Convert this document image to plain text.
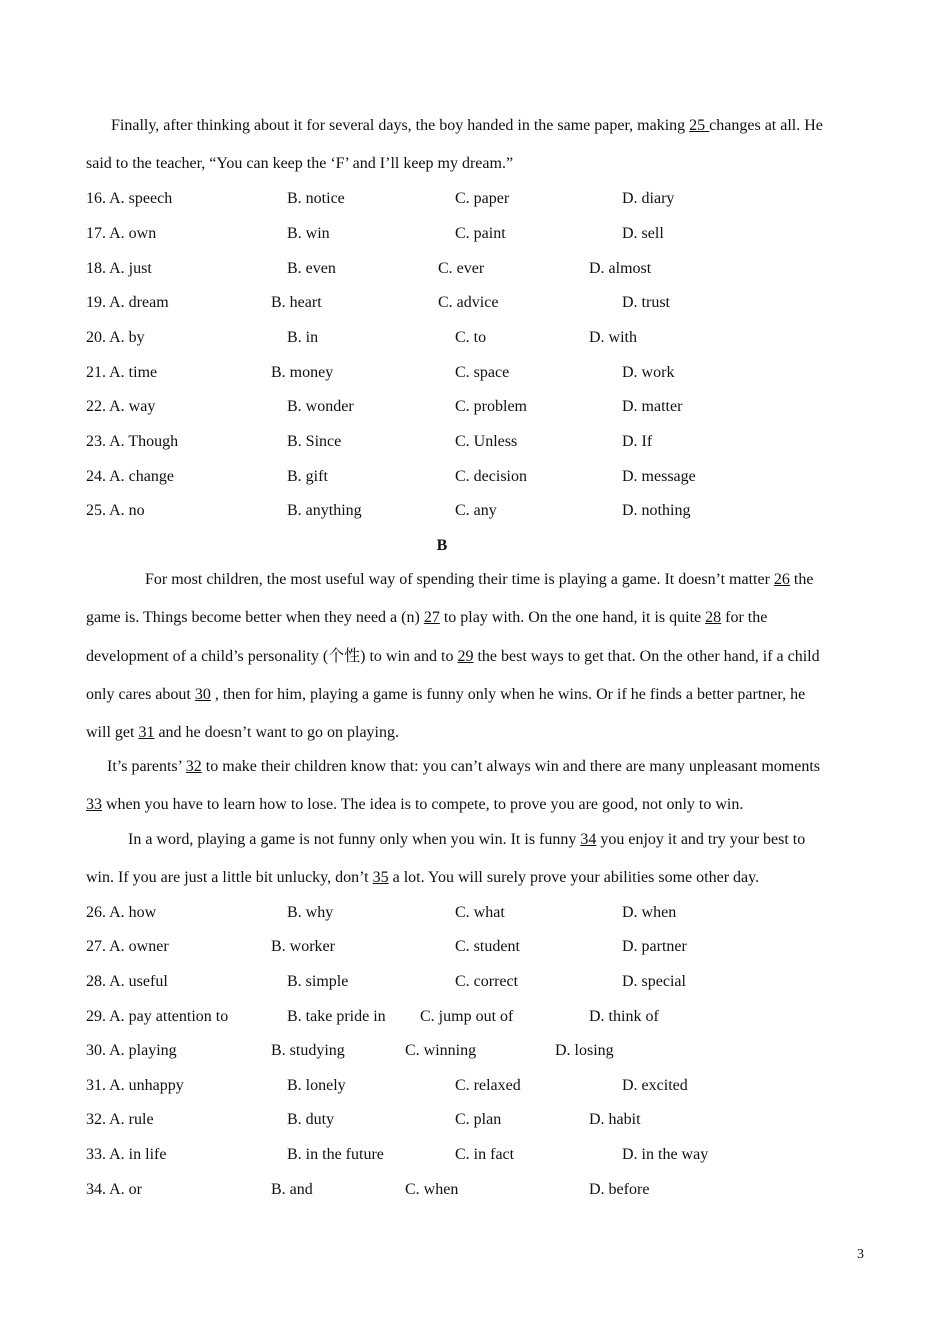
Finally, after thinking about it for several days, the boy handed in the same paper, making 25 changes at all. He
said to the teacher, “You can keep the ‘F’ and I’ll keep my dream.”
16. A. speech	B. notice	C. paper	D. diary
17. A. own	B. win	C. paint	D. sell
18. A. just	B. even	C. ever	D. almost
19. A. dream	B. heart	C. advice	D. trust
20. A. by	B. in	C. to	D. with
21. A. time	B. money	C. space	D. work
22. A. way	B. wonder	C. problem	D. matter
23. A. Though	B. Since	C. Unless	D. If
24. A. change	B. gift	C. decision	D. message
25. A. no	B. anything	C. any	D. nothing
B
For most children, the most useful way of spending their time is playing a game. It doesn’t matter 26 the
game is. Things become better when they need a (n) 27 to play with. On the one hand, it is quite 28 for the
development of a child’s personality (个性) to win and to 29 the best ways to get that. On the other hand, if a child
only cares about 30 , then for him, playing a game is funny only when he wins. Or if he finds a better partner, he
will get 31 and he doesn’t want to go on playing.
It’s parents’ 32 to make their children know that: you can’t always win and there are many unpleasant moments
33 when you have to learn how to lose. The idea is to compete, to prove you are good, not only to win.
In a word, playing a game is not funny only when you win. It is funny 34 you enjoy it and try your best to
win. If you are just a little bit unlucky, don’t 35 a lot. You will surely prove your abilities some other day.
26. A. how	B. why	C. what	D. when
27. A. owner	B. worker	C. student	D. partner
28. A. useful	B. simple	C. correct	D. special
29. A. pay attention to	B. take pride in C. jump out of	D. think of
30. A. playing	B. studying	C. winning	D. losing
31. A. unhappy	B. lonely	C. relaxed	D. excited
32. A. rule	B. duty	C. plan	D. habit
33. A. in life	B. in the future	C. in fact	D. in the way
34. A. or	B. and	C. when	D. before
3
